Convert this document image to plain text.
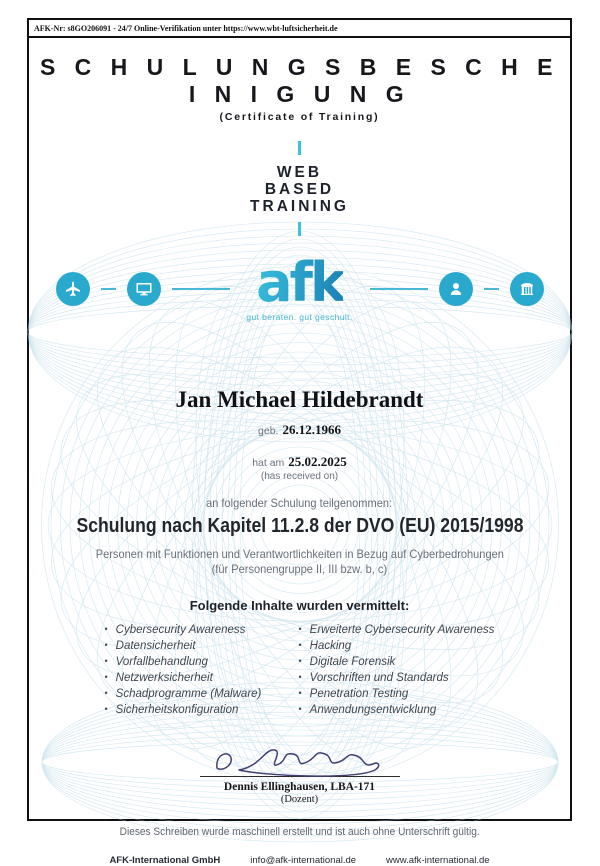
AFK-Nr: s8GO206091 - 24/7 Online-Verifikation unter https://www.wbt-luftsicherheit.de
S C H U L U N G S B E S C H E I N I G U N G
(Certificate of Training)
WEB
BASED
TRAINING
afk
gut beraten. gut geschult.
Jan Michael Hildebrandt
geb. 26.12.1966
hat am 25.02.2025
(has received on)
an folgender Schulung teilgenommen:
Schulung nach Kapitel 11.2.8 der DVO (EU) 2015/1998
Personen mit Funktionen und Verantwortlichkeiten in Bezug auf Cyberbedrohungen
(für Personengruppe II, III bzw. b, c)
Folgende Inhalte wurden vermittelt:
• Cybersecurity Awareness
• Datensicherheit
• Vorfallbehandlung
• Netzwerksicherheit
• Schadprogramme (Malware)
• Sicherheitskonfiguration
• Erweiterte Cybersecurity Awareness
• Hacking
• Digitale Forensik
• Vorschriften und Standards
• Penetration Testing
• Anwendungsentwicklung
Dennis Ellinghausen, LBA-171
(Dozent)
Dieses Schreiben wurde maschinell erstellt und ist auch ohne Unterschrift gültig.
AFK-International GmbH	info@afk-international.de	www.afk-international.de
